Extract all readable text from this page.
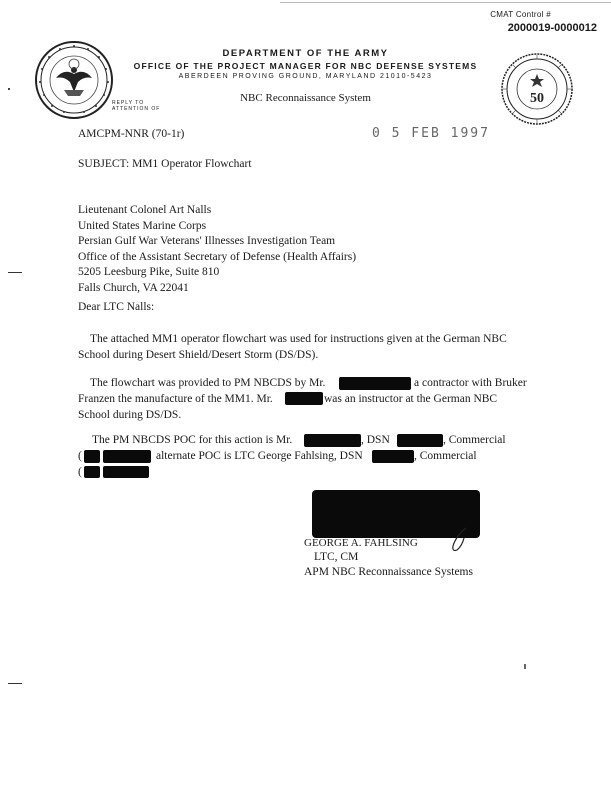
CMAT Control #
2000019-0000012
50
DEPARTMENT OF THE ARMY
OFFICE OF THE PROJECT MANAGER FOR NBC DEFENSE SYSTEMS
ABERDEEN PROVING GROUND, MARYLAND 21010-5423
NBC Reconnaissance System
REPLY TO
ATTENTION OF
AMCPM-NNR (70-1r)	0 5 FEB 1997
SUBJECT: MM1 Operator Flowchart
Lieutenant Colonel Art Nalls
United States Marine Corps
Persian Gulf War Veterans' Illnesses Investigation Team
Office of the Assistant Secretary of Defense (Health Affairs)
5205 Leesburg Pike, Suite 810
Falls Church, VA 22041
Dear LTC Nalls:
The attached MM1 operator flowchart was used for instructions given at the German NBC
School during Desert Shield/Desert Storm (DS/DS).
The flowchart was provided to PM NBCDS by Mr.	a contractor with Bruker
Franzen the manufacture of the MM1. Mr.	was an instructor at the German NBC
School during DS/DS.
The PM NBCDS POC for this action is Mr.	, DSN	, Commercial
(	alternate POC is LTC George Fahlsing, DSN	, Commercial
(
GEORGE A. FAHLSING
LTC, CM
APM NBC Reconnaissance Systems
